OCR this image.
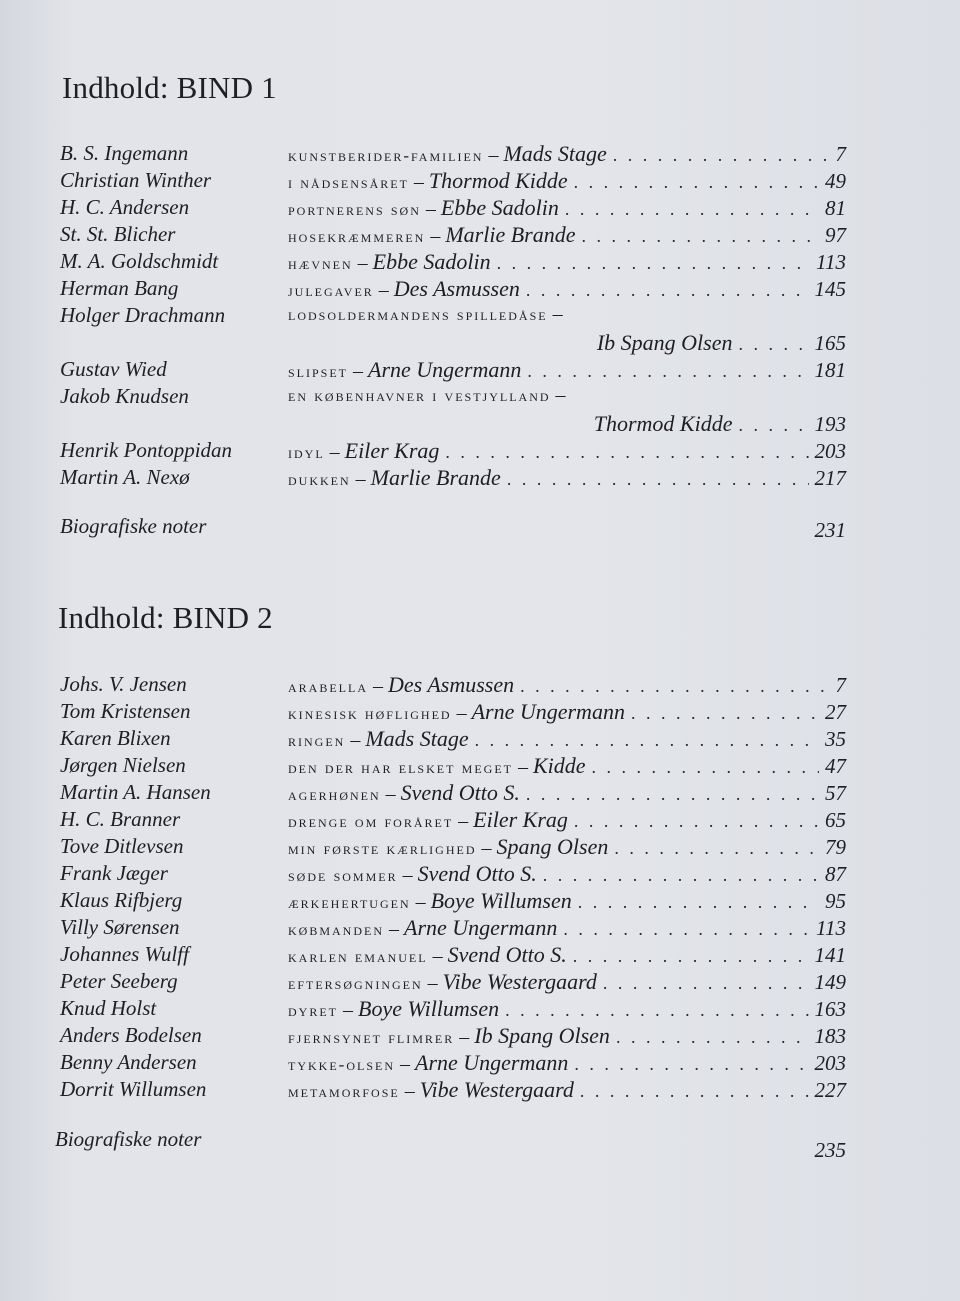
Indhold: BIND 1
B. S. Ingemann	kunstberider-familien – Mads Stage . . .	7
Christian Winther	i nådsensåret – Thormod Kidde . . .	49
H. C. Andersen	portnerens søn – Ebbe Sadolin . . .	81
St. St. Blicher	hosekræmmeren – Marlie Brande . . .	97
M. A. Goldschmidt	hævnen – Ebbe Sadolin . . .	113
Herman Bang	julegaver – Des Asmussen . . .	145
Holger Drachmann	lodsoldermandens spilledåse –
Ib Spang Olsen . . .	165
Gustav Wied	slipset – Arne Ungermann . . .	181
Jakob Knudsen	en københavner i vestjylland –
Thormod Kidde . . .	193
Henrik Pontoppidan	idyl – Eiler Krag . . .	203
Martin A. Nexø	dukken – Marlie Brande . . .	217
Biografiske noter	231
Indhold: BIND 2
Johs. V. Jensen	arabella – Des Asmussen . . .	7
Tom Kristensen	kinesisk høflighed – Arne Ungermann . . .	27
Karen Blixen	ringen – Mads Stage . . .	35
Jørgen Nielsen	den der har elsket meget – Kidde . . .	47
Martin A. Hansen	agerhønen – Svend Otto S. . . .	57
H. C. Branner	drenge om foråret – Eiler Krag . . .	65
Tove Ditlevsen	min første kærlighed – Spang Olsen . . .	79
Frank Jæger	søde sommer – Svend Otto S. . . .	87
Klaus Rifbjerg	ærkehertugen – Boye Willumsen . . .	95
Villy Sørensen	købmanden – Arne Ungermann . . .	113
Johannes Wulff	karlen emanuel – Svend Otto S. . . .	141
Peter Seeberg	eftersøgningen – Vibe Westergaard . . .	149
Knud Holst	dyret – Boye Willumsen . . .	163
Anders Bodelsen	fjernsynet flimrer – Ib Spang Olsen . . .	183
Benny Andersen	tykke-olsen – Arne Ungermann . . .	203
Dorrit Willumsen	metamorfose – Vibe Westergaard . . .	227
Biografiske noter	235
